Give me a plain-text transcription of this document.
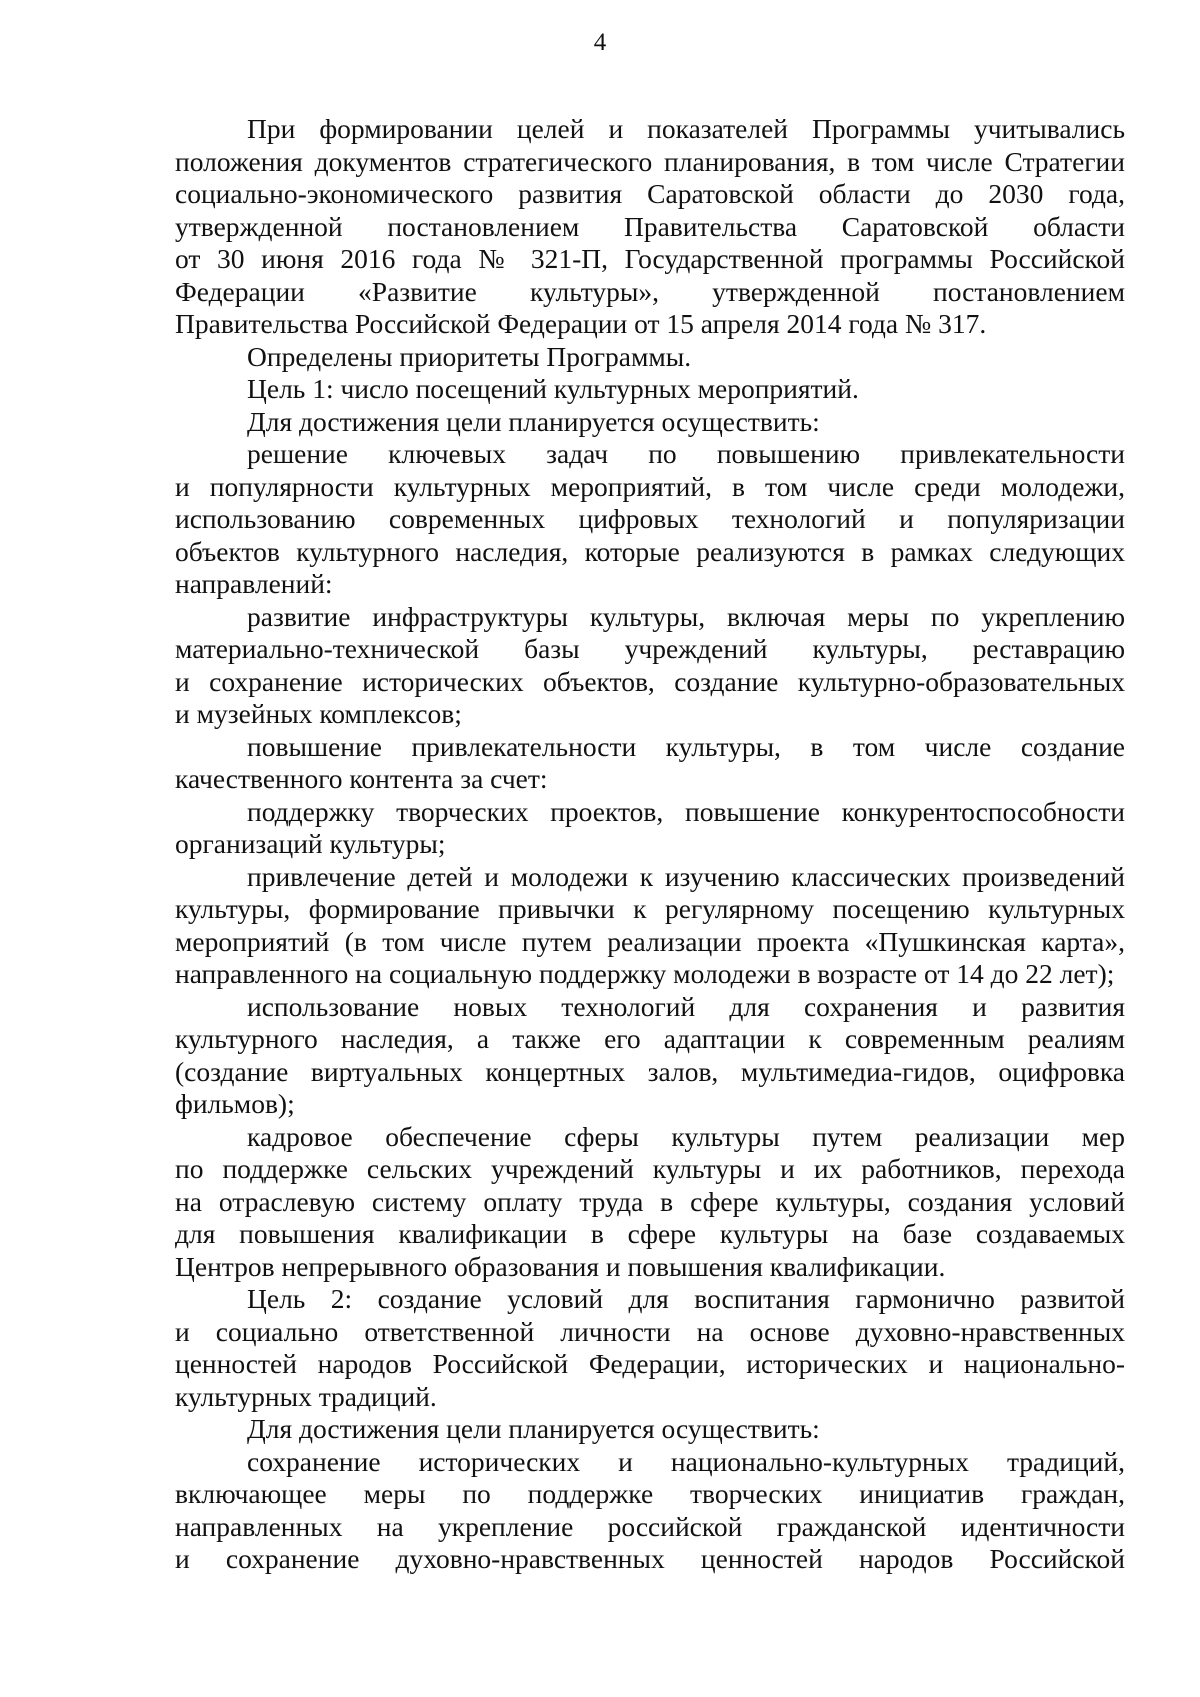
4
При формировании целей и показателей Программы учитывались
положения документов стратегического планирования, в том числе Стратегии
социально-экономического развития Саратовской области до 2030 года,
утвержденной постановлением Правительства Саратовской области
от 30 июня 2016 года № 321-П, Государственной программы Российской
Федерации «Развитие культуры», утвержденной постановлением
Правительства Российской Федерации от 15 апреля 2014 года № 317.
Определены приоритеты Программы.
Цель 1: число посещений культурных мероприятий.
Для достижения цели планируется осуществить:
решение ключевых задач по повышению привлекательности
и популярности культурных мероприятий, в том числе среди молодежи,
использованию современных цифровых технологий и популяризации
объектов культурного наследия, которые реализуются в рамках следующих
направлений:
развитие инфраструктуры культуры, включая меры по укреплению
материально-технической базы учреждений культуры, реставрацию
и сохранение исторических объектов, создание культурно-образовательных
и музейных комплексов;
повышение привлекательности культуры, в том числе создание
качественного контента за счет:
поддержку творческих проектов, повышение конкурентоспособности
организаций культуры;
привлечение детей и молодежи к изучению классических произведений
культуры, формирование привычки к регулярному посещению культурных
мероприятий (в том числе путем реализации проекта «Пушкинская карта»,
направленного на социальную поддержку молодежи в возрасте от 14 до 22 лет);
использование новых технологий для сохранения и развития
культурного наследия, а также его адаптации к современным реалиям
(создание виртуальных концертных залов, мультимедиа-гидов, оцифровка
фильмов);
кадровое обеспечение сферы культуры путем реализации мер
по поддержке сельских учреждений культуры и их работников, перехода
на отраслевую систему оплату труда в сфере культуры, создания условий
для повышения квалификации в сфере культуры на базе создаваемых
Центров непрерывного образования и повышения квалификации.
Цель 2: создание условий для воспитания гармонично развитой
и социально ответственной личности на основе духовно-нравственных
ценностей народов Российской Федерации, исторических и национально-
культурных традиций.
Для достижения цели планируется осуществить:
сохранение исторических и национально-культурных традиций,
включающее меры по поддержке творческих инициатив граждан,
направленных на укрепление российской гражданской идентичности
и сохранение духовно-нравственных ценностей народов Российской
